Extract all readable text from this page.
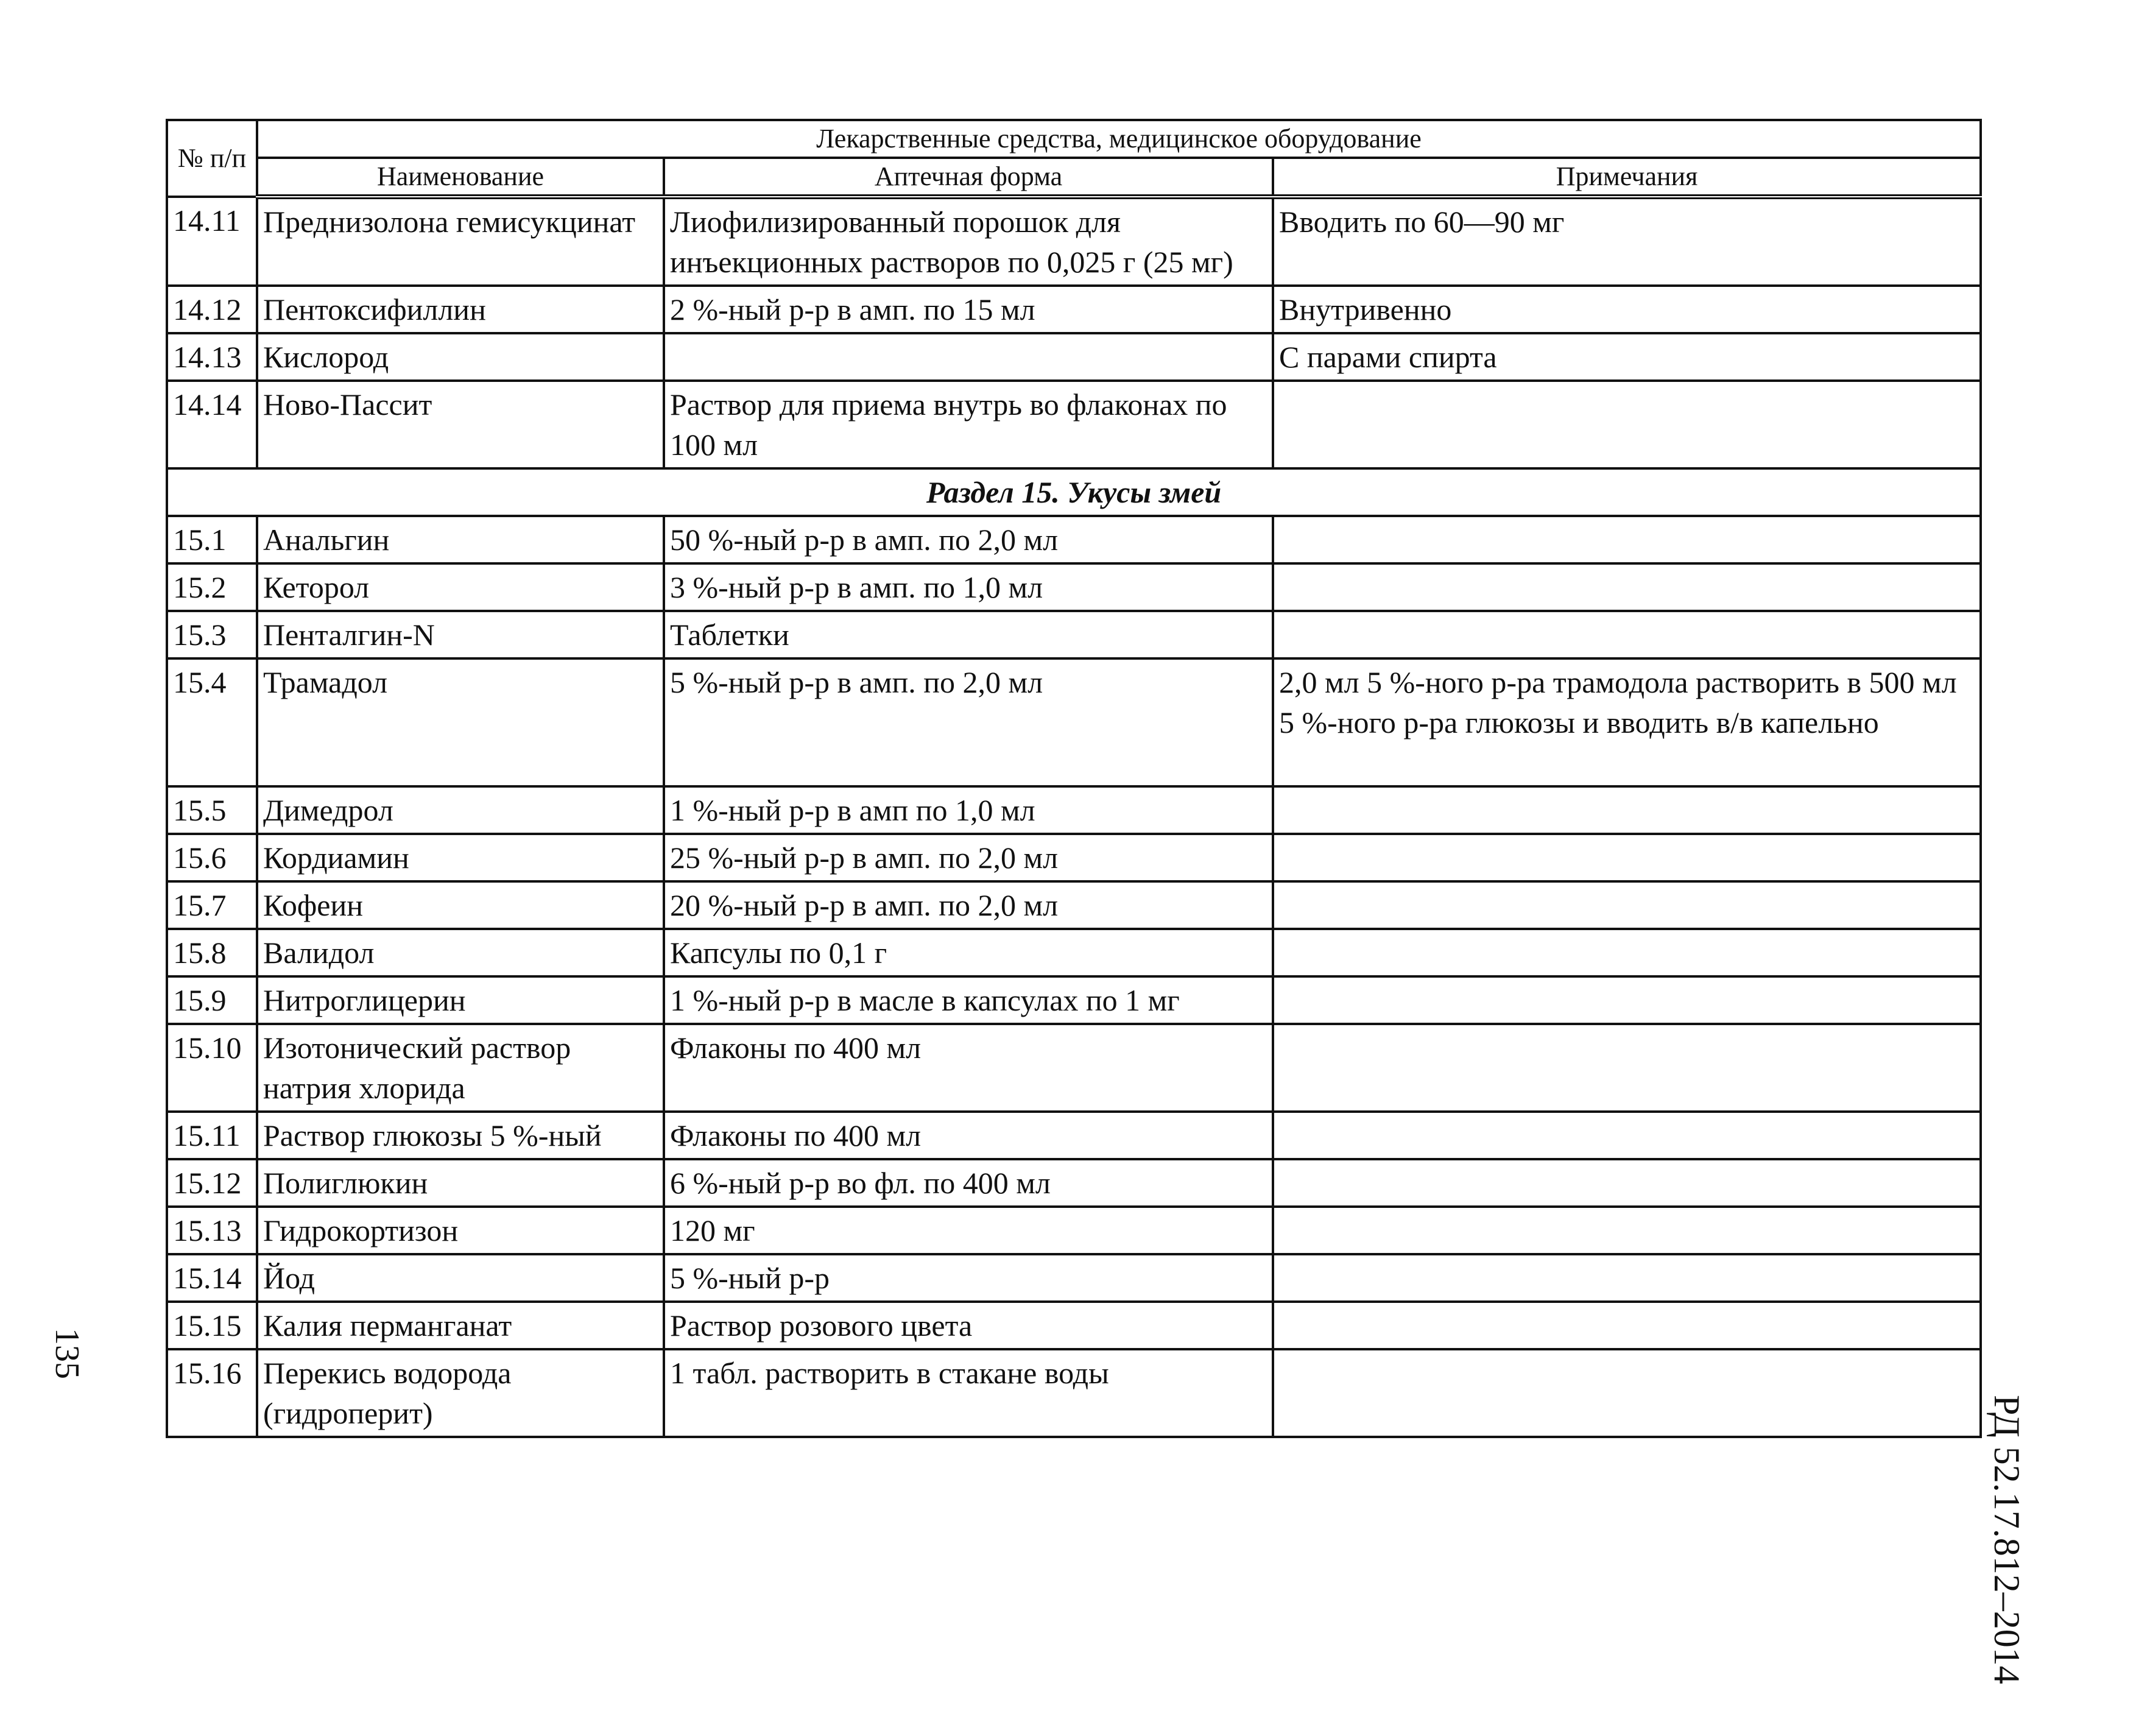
№ п/п	Лекарственные средства, медицинское оборудование		
	Наименование	Аптечная форма	Примечания
14.11	Преднизолона гемисукцинат	Лиофилизированный порошок для инъекционных растворов по 0,025 г (25 мг)	Вводить по 60—90 мг
14.12	Пентоксифиллин	2 %-ный р-р в амп. по 15 мл	Внутривенно
14.13	Кислород		С парами спирта
14.14	Ново-Пассит	Раствор для приема внутрь во флаконах по 100 мл	
Раздел 15. Укусы змей			
15.1	Анальгин	50 %-ный р-р в амп. по 2,0 мл	
15.2	Кеторол	3 %-ный р-р в амп. по 1,0 мл	
15.3	Пенталгин-N	Таблетки	
15.4	Трамадол	5 %-ный р-р в амп. по 2,0 мл	2,0 мл 5 %-ного р-ра трамодола растворить в 500 мл 5 %-ного р-ра глюкозы и вводить в/в капельно
15.5	Димедрол	1 %-ный р-р в амп по 1,0 мл	
15.6	Кордиамин	25 %-ный р-р в амп. по 2,0 мл	
15.7	Кофеин	20 %-ный р-р в амп. по 2,0 мл	
15.8	Валидол	Капсулы по 0,1 г	
15.9	Нитроглицерин	1 %-ный р-р в масле в капсулах по 1 мг	
15.10	Изотонический раствор натрия хлорида	Флаконы по 400 мл	
15.11	Раствор глюкозы 5 %-ный	Флаконы по 400 мл	
15.12	Полиглюкин	6 %-ный р-р во фл. по 400 мл	
15.13	Гидрокортизон	120 мг	
15.14	Йод	5 %-ный р-р	
15.15	Калия перманганат	Раствор розового цвета	
15.16	Перекись водорода (гидроперит)	1 табл. растворить в стакане воды	
РД 52.17.812–2014
135
